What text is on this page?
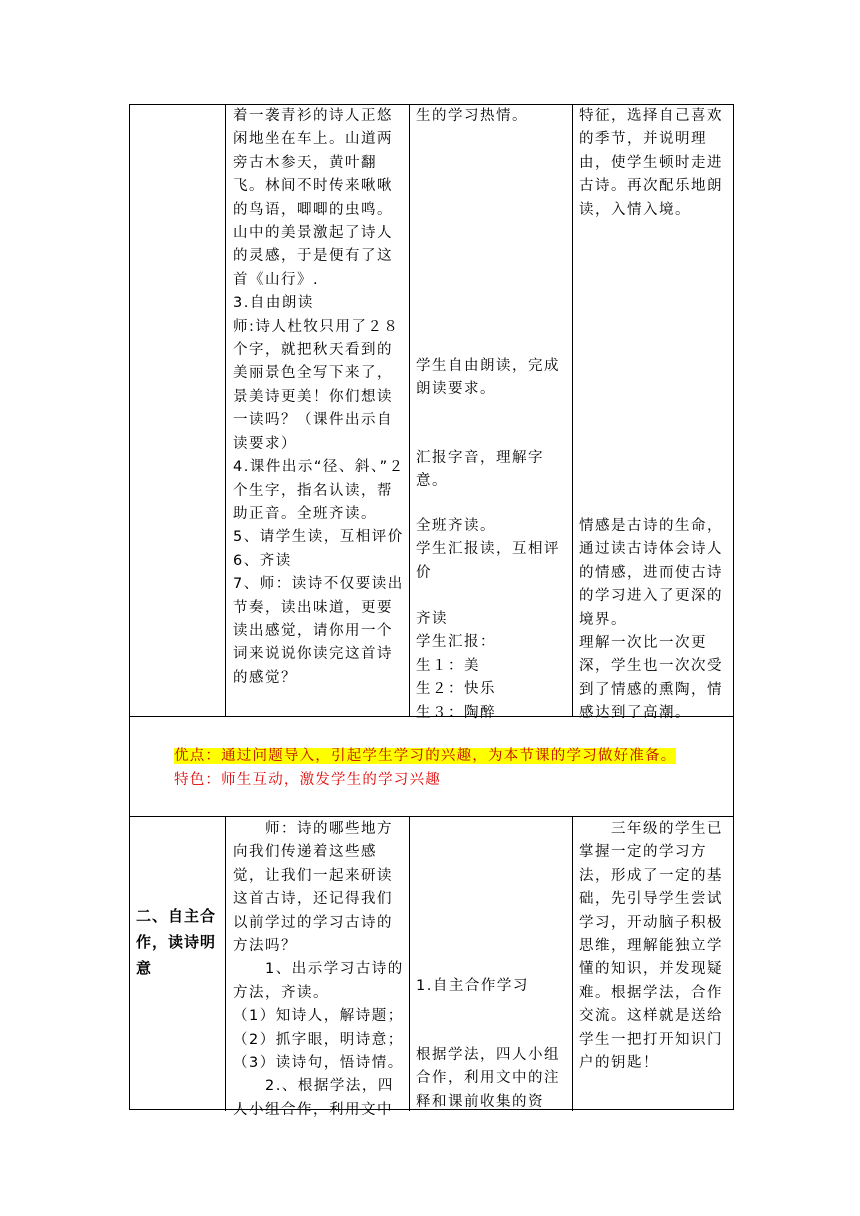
着一袭青衫的诗人正悠闲地坐在车上。山道两旁古木参天，黄叶翻飞。林间不时传来啾啾的鸟语，唧唧的虫鸣。山中的美景激起了诗人的灵感，于是便有了这首《山行》.
3.自由朗读
师:诗人杜牧只用了２８个字，就把秋天看到的美丽景色全写下来了，景美诗更美！你们想读一读吗？（课件出示自读要求）
4.课件出示“径、斜、”２个生字，指名认读，帮助正音。全班齐读。
5、请学生读，互相评价
6、齐读
7、师：读诗不仅要读出节奏，读出味道，更要读出感觉，请你用一个词来说说你读完这首诗的感觉？
生的学习热情。
学生自由朗读，完成朗读要求。
汇报字音，理解字意。
全班齐读。
学生汇报读，互相评价
齐读
学生汇报：
生１：美
生２：快乐
生３：陶醉
特征，选择自己喜欢的季节，并说明理由，使学生顿时走进古诗。再次配乐地朗读，入情入境。
情感是古诗的生命，通过读古诗体会诗人的情感，进而使古诗的学习进入了更深的境界。
理解一次比一次更深，学生也一次次受到了情感的熏陶，情感达到了高潮。
优点：通过问题导入，引起学生学习的兴趣，为本节课的学习做好准备。
特色：师生互动，激发学生的学习兴趣
二、自主合作，读诗明意
　　师：诗的哪些地方向我们传递着这些感觉，让我们一起来研读这首古诗，还记得我们以前学过的学习古诗的方法吗？
　　1、出示学习古诗的方法，齐读。
（1）知诗人，解诗题；
（2）抓字眼，明诗意；
（3）读诗句，悟诗情。
　　2.、根据学法，四人小组合作，利用文中
1.自主合作学习
根据学法，四人小组合作，利用文中的注释和课前收集的资
　　三年级的学生已掌握一定的学习方法，形成了一定的基础，先引导学生尝试学习，开动脑子积极思维，理解能独立学懂的知识，并发现疑难。根据学法，合作交流。这样就是送给学生一把打开知识门户的钥匙！
